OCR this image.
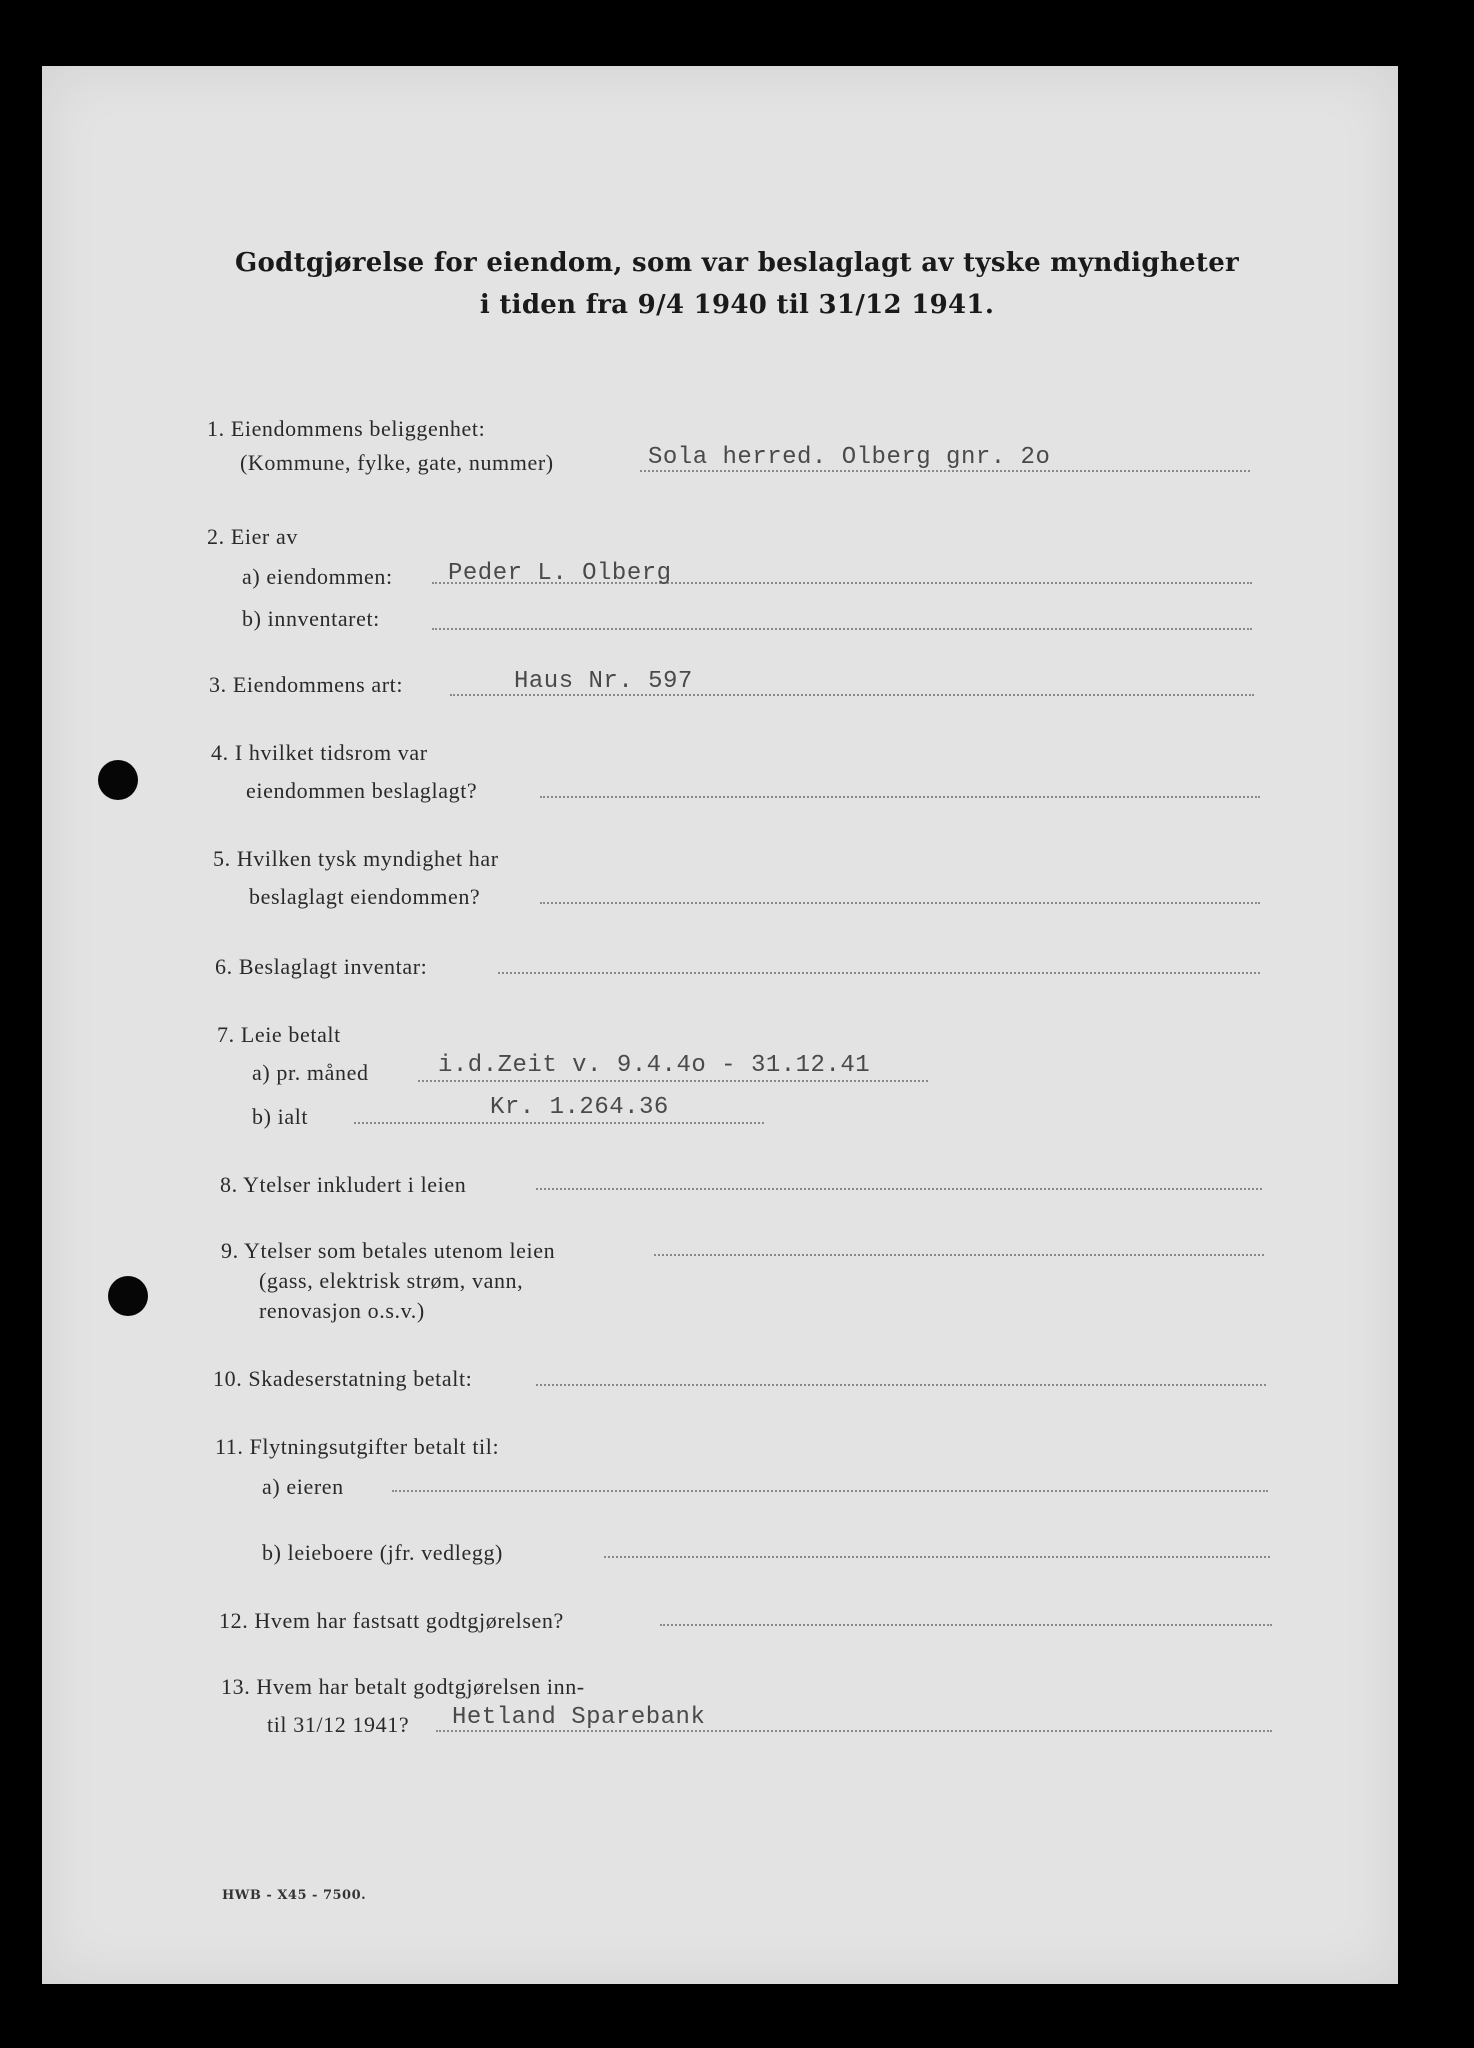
Godtgjørelse for eiendom, som var beslaglagt av tyske myndigheter
i tiden fra 9/4 1940 til 31/12 1941.
1. Eiendommens beliggenhet:
(Kommune, fylke, gate, nummer)	Sola herred. Olberg gnr. 2o
2. Eier av
a) eiendommen: Peder L. Olberg
b) innventaret:
3. Eiendommens art:	Haus Nr. 597
4. I hvilket tidsrom var
eiendommen beslaglagt?
5. Hvilken tysk myndighet har
beslaglagt eiendommen?
6. Beslaglagt inventar:
7. Leie betalt
a) pr. måned	i.d.Zeit v. 9.4.4o - 31.12.41
b) ialt	Kr. 1.264.36
8. Ytelser inkludert i leien
9. Ytelser som betales utenom leien
(gass, elektrisk strøm, vann,
renovasjon o.s.v.)
10. Skadeserstatning betalt:
11. Flytningsutgifter betalt til:
a) eieren
b) leieboere (jfr. vedlegg)
12. Hvem har fastsatt godtgjørelsen?
13. Hvem har betalt godtgjørelsen inn-
til 31/12 1941? Hetland Sparebank
HWB - X45 - 7500.
